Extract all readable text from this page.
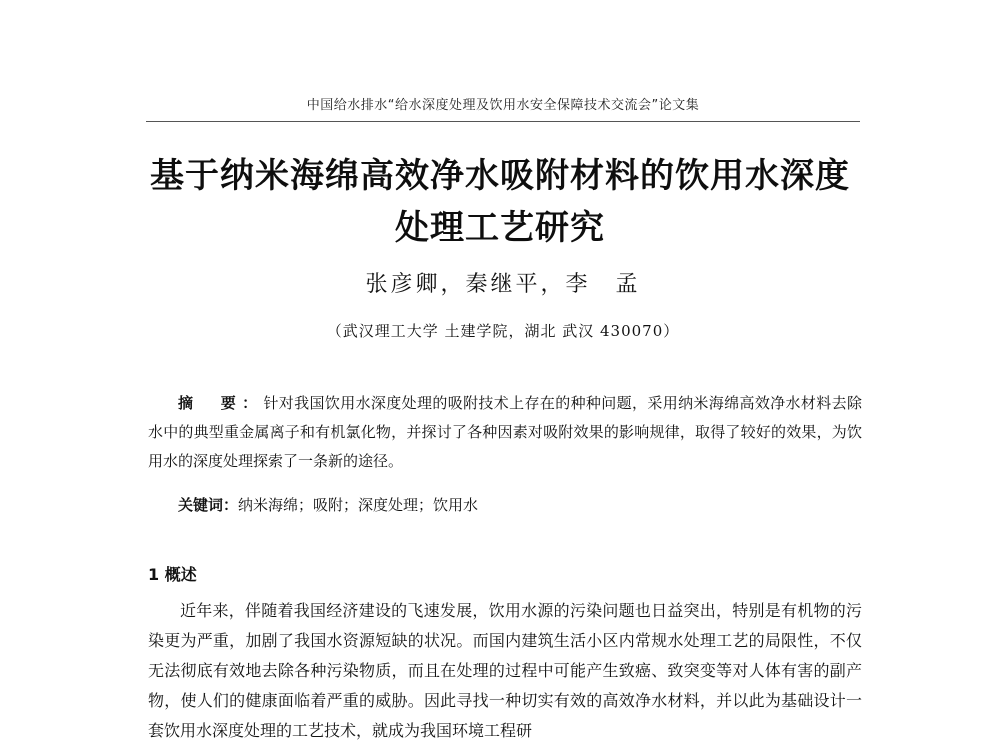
中国给水排水“给水深度处理及饮用水安全保障技术交流会”论文集
基于纳米海绵高效净水吸附材料的饮用水深度处理工艺研究
张彦卿，秦继平，李　孟
（武汉理工大学 土建学院，湖北 武汉 430070）
摘　要：针对我国饮用水深度处理的吸附技术上存在的种种问题，采用纳米海绵高效净水材料去除水中的典型重金属离子和有机氯化物，并探讨了各种因素对吸附效果的影响规律，取得了较好的效果，为饮用水的深度处理探索了一条新的途径。
关键词：纳米海绵；吸附；深度处理；饮用水
1 概述
近年来，伴随着我国经济建设的飞速发展，饮用水源的污染问题也日益突出，特别是有机物的污染更为严重，加剧了我国水资源短缺的状况。而国内建筑生活小区内常规水处理工艺的局限性，不仅无法彻底有效地去除各种污染物质，而且在处理的过程中可能产生致癌、致突变等对人体有害的副产物，使人们的健康面临着严重的威胁。因此寻找一种切实有效的高效净水材料，并以此为基础设计一套饮用水深度处理的工艺技术，就成为我国环境工程研
